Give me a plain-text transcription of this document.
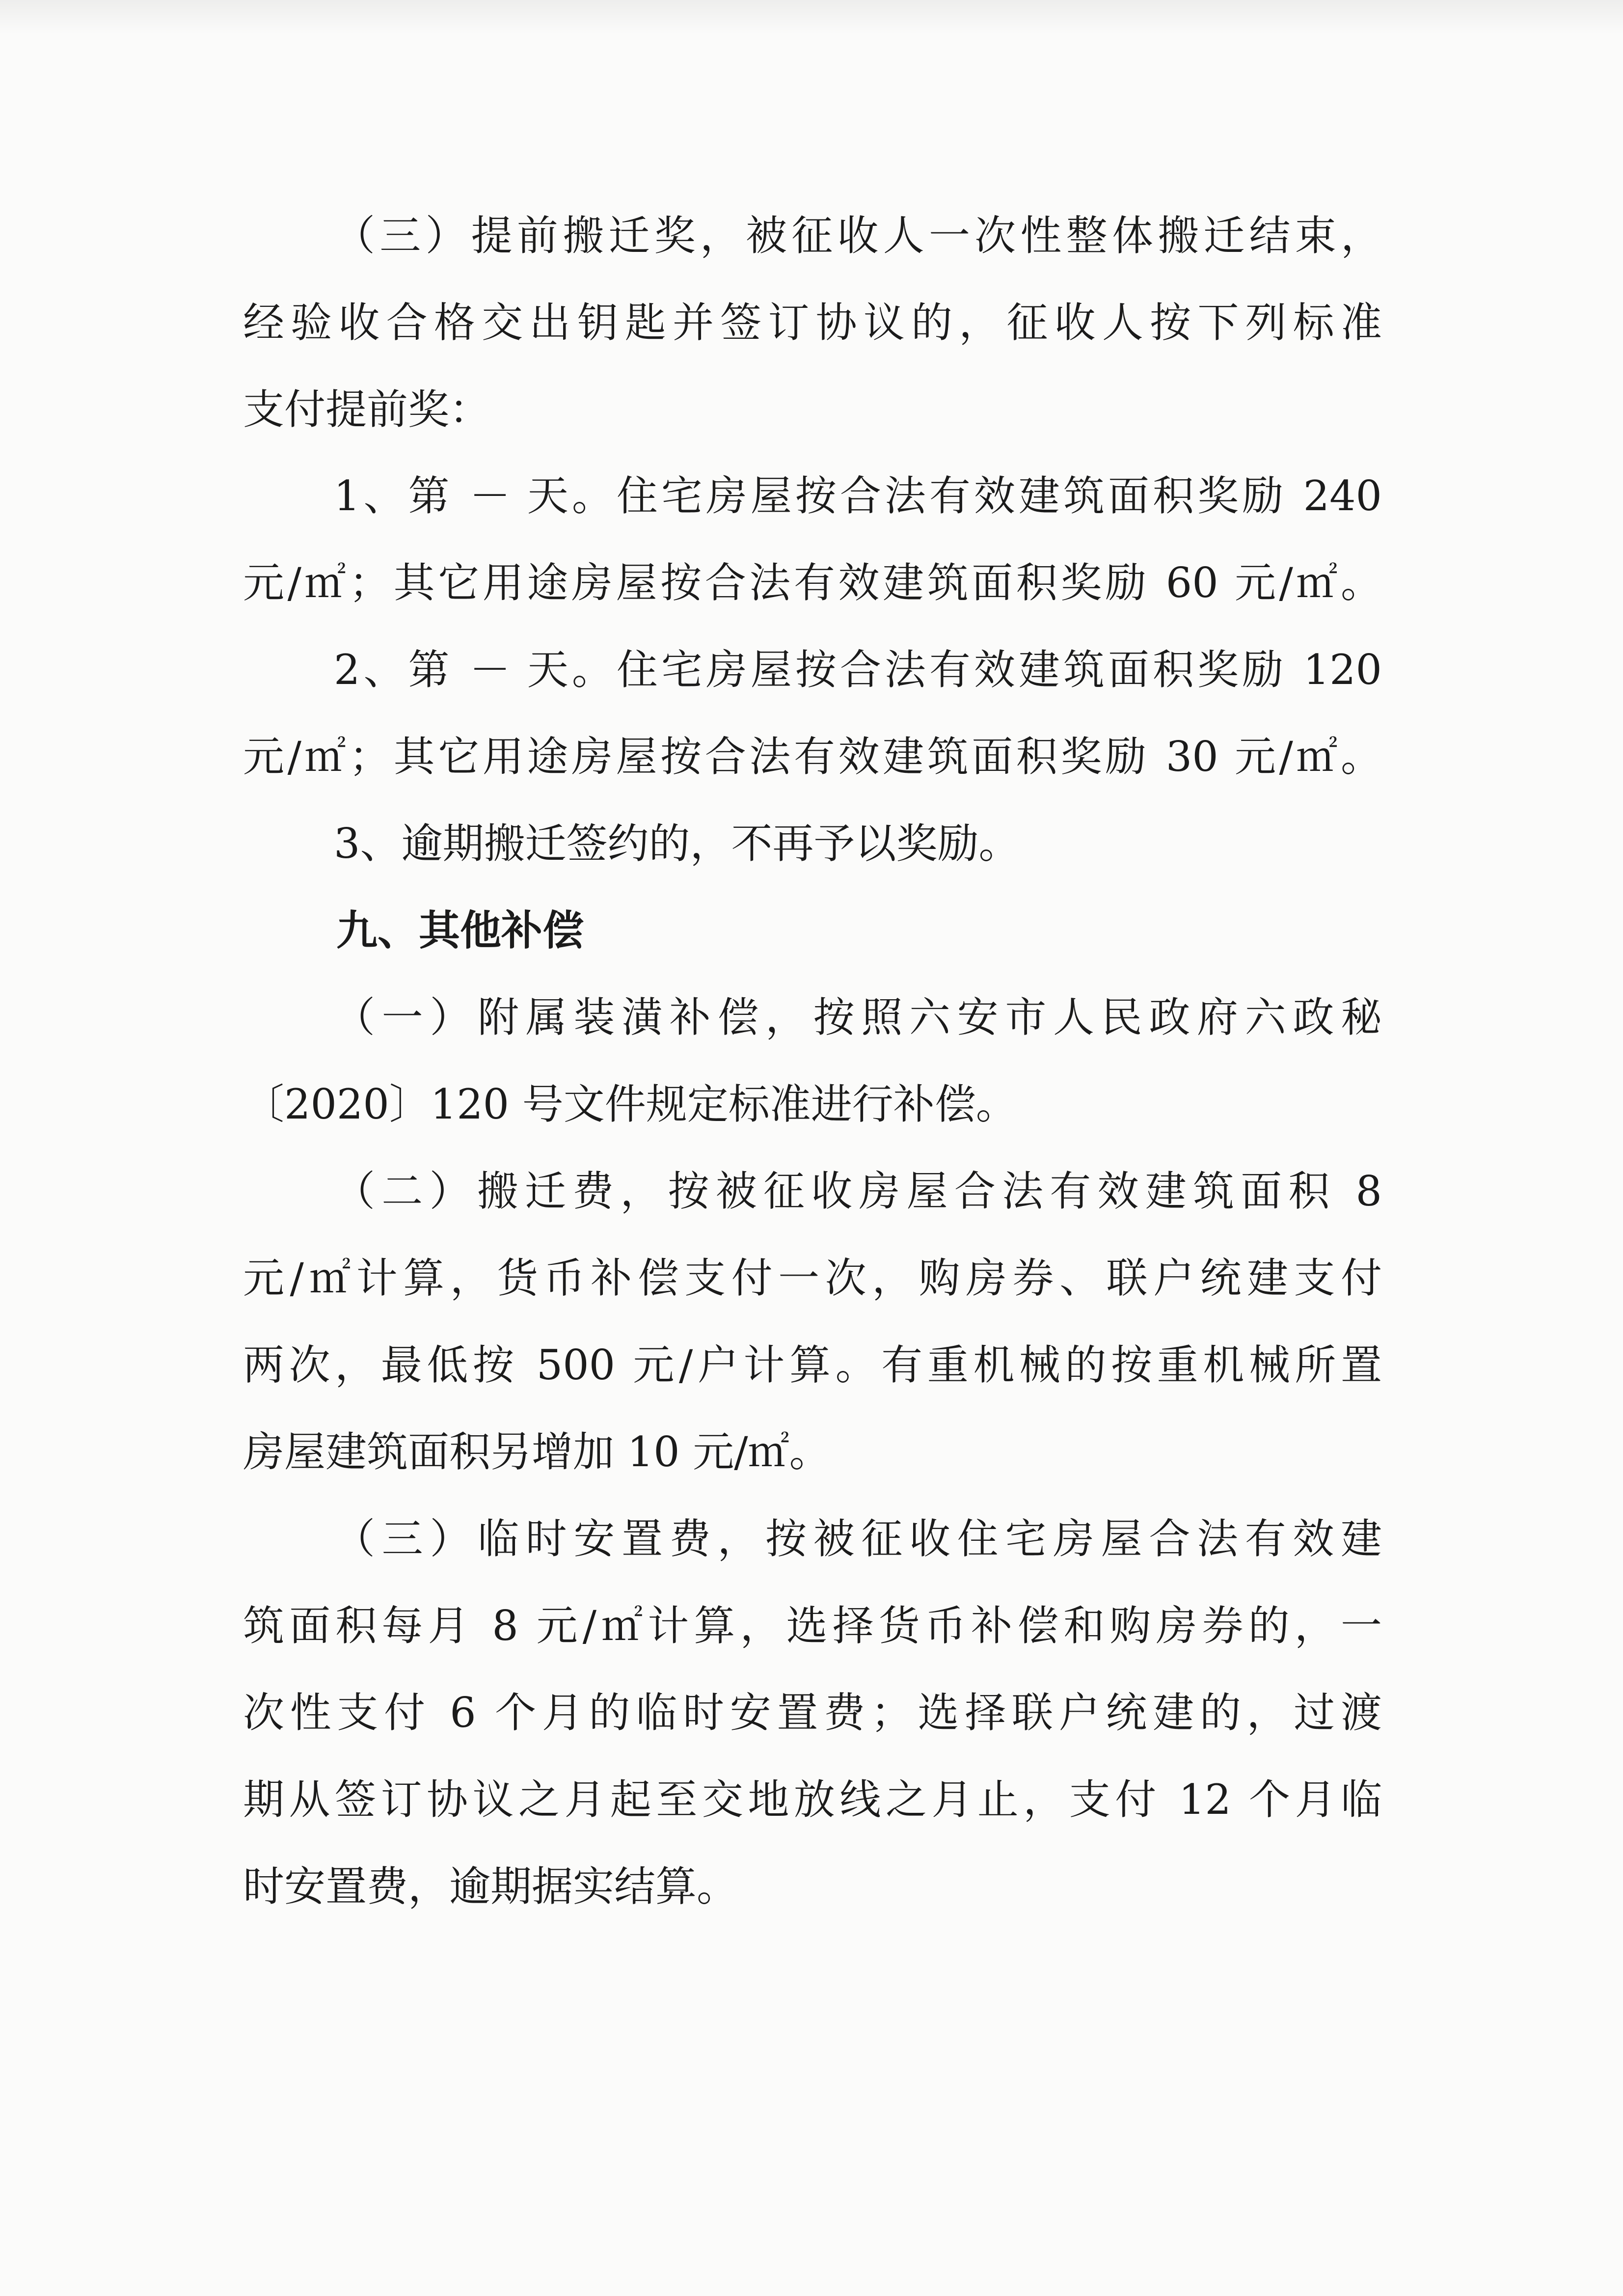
（三）提前搬迁奖，被征收人一次性整体搬迁结束，

经验收合格交出钥匙并签订协议的，征收人按下列标准

支付提前奖：

1、第 － 天。住宅房屋按合法有效建筑面积奖励 240

元/㎡；其它用途房屋按合法有效建筑面积奖励 60 元/㎡。

2、第 － 天。住宅房屋按合法有效建筑面积奖励 120

元/㎡；其它用途房屋按合法有效建筑面积奖励 30 元/㎡。

3、逾期搬迁签约的，不再予以奖励。

九、其他补偿

（一）附属装潢补偿，按照六安市人民政府六政秘

〔2020〕120 号文件规定标准进行补偿。

（二）搬迁费，按被征收房屋合法有效建筑面积 8

元/㎡计算，货币补偿支付一次，购房券、联户统建支付

两次，最低按 500 元/户计算。有重机械的按重机械所置

房屋建筑面积另增加 10 元/㎡。

（三）临时安置费，按被征收住宅房屋合法有效建

筑面积每月 8 元/㎡计算，选择货币补偿和购房券的，一

次性支付 6 个月的临时安置费；选择联户统建的，过渡

期从签订协议之月起至交地放线之月止，支付 12 个月临

时安置费，逾期据实结算。
